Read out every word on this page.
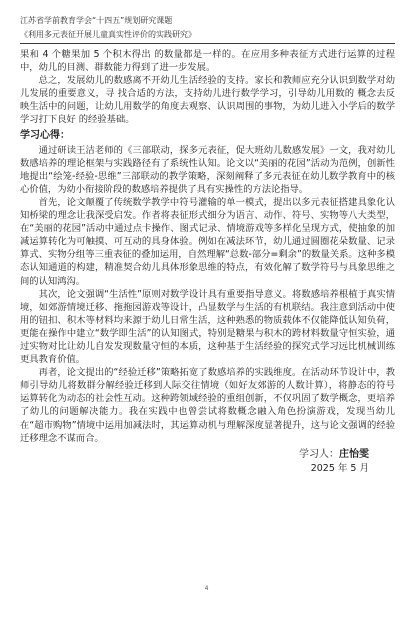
江苏省学前教育学会“十四五”规划研究课题
《利用多元表征开展儿童真实性评价的实践研究》

果和 4 个糖果加 5 个积木得出 的数量都是一样的。在应用多种表征方式进行运算的过程 中，幼儿的目测、群数能力得到了进一步发展。

总之，发展幼儿的数感离不开幼儿生活经验的支持。家长和教师应充分认识到数学对幼儿发展的重要意义，寻 找合适的方法，支持幼儿进行数学学习，引导幼儿用数的 概念去反映生活中的问题，让幼儿用数学的角度去观察、认识周围的事物，为幼儿进入小学后的数学学习打下良好 的经验基础。

学习心得：

通过研读王洁老师的《三部联动，探多元表征，促大班幼儿数感发展》一文，我对幼儿数感培养的理论框架与实践路径有了系统性认知。论文以“美丽的花园”活动为范例，创新性地提出“绘笼-经验-思维”三部联动的教学策略，深刻阐释了多元表征在幼儿数学教育中的核心价值，为幼小衔接阶段的数感培养提供了具有实操性的方法论指导。

首先，论文颠覆了传统数学教学中符号灌输的单一模式，提出以多元表征搭建具象化认知桥梁的理念让我深受启发。作者将表征形式细分为语言、动作、符号、实物等八大类型，在“美丽的花园”活动中通过点卡操作、图式记录、情境游戏等多样化呈现方式，使抽象的加减运算转化为可触摸、可互动的具身体验。例如在减法环节，幼儿通过圆圈花朵数量、记录算式、实物分组等三重表征的叠加运用，自然理解“总数-部分=剩余”的数量关系。这种多模态认知通道的构建，精准契合幼儿具体形象思维的特点，有效化解了数学符号与具象思维之间的认知鸿沟。

其次，论文强调“生活性”原则对数学设计具有重要指导意义。将数感培养根植于真实情境，如郊游情境迁移、拖拖园游戏等设计，凸显数学与生活的有机联结。我注意到活动中使用的钮扣、积木等材料均来源于幼儿日常生活，这种熟悉的物质载体不仅能降低认知负荷，更能在操作中建立“数学即生活”的认知图式，特别是糖果与积木的跨材料数量守恒实验，通过实物对比让幼儿自发发现数量守恒的本质，这种基于生活经验的探究式学习远比机械训练更具教育价值。

再者，论文提出的“经验迁移”策略拓宽了数感培养的实践维度。在活动环节设计中，教师引导幼儿将数群分解经验迁移到人际交往情境（如好友郊游的人数计算），将静态的符号运算转化为动态的社会性互动。这种跨领域经验的重组创新，不仅巩固了数学概念，更培养了幼儿的问题解决能力。我在实践中也曾尝试将数概念融入角色扮演游戏，发现当幼儿在“超市购物”情境中运用加减法时，其运算动机与理解深度显著提升，这与论文强调的经验迁移理念不谋而合。

学习人：庄怡雯
2025 年 5 月
4
